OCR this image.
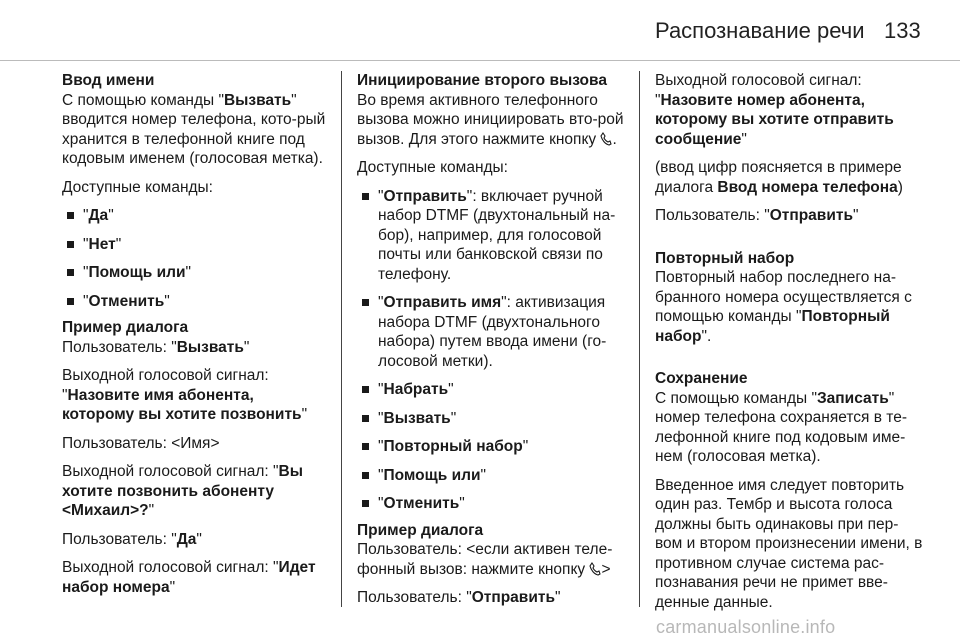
Распознавание речи 133

Ввод имени

С помощью команды "Вызвать" вводится номер телефона, кото-рый хранится в телефонной книге под кодовым именем (голосовая метка).

Доступные команды:

"Да"
"Нет"
"Помощь или"
"Отменить"

Пример диалога

Пользователь: "Вызвать"

Выходной голосовой сигнал: "Назовите имя абонента, которому вы хотите позвонить"

Пользователь: <Имя>

Выходной голосовой сигнал: "Вы хотите позвонить абоненту <Михаил>?"

Пользователь: "Да"

Выходной голосовой сигнал: "Идет набор номера"

Инициирование второго вызова

Во время активного телефонного вызова можно инициировать вто-рой вызов. Для этого нажмите кнопку .

Доступные команды:

"Отправить": включает ручной набор DTMF (двухтональный на-бор), например, для голосовой почты или банковской связи по телефону.
"Отправить имя": активизация набора DTMF (двухтонального набора) путем ввода имени (го-лосовой метки).
"Набрать"
"Вызвать"
"Повторный набор"
"Помощь или"
"Отменить"

Пример диалога

Пользователь: <если активен теле-фонный вызов: нажмите кнопку >

Пользователь: "Отправить"

Выходной голосовой сигнал: "Назовите номер абонента, которому вы хотите отправить сообщение"

(ввод цифр поясняется в примере диалога Ввод номера телефона)

Пользователь: "Отправить"

Повторный набор

Повторный набор последнего на-бранного номера осуществляется с помощью команды "Повторный набор".

Сохранение

С помощью команды "Записать" номер телефона сохраняется в те-лефонной книге под кодовым име-нем (голосовая метка).

Введенное имя следует повторить один раз. Тембр и высота голоса должны быть одинаковы при пер-вом и втором произнесении имени, в противном случае система рас-познавания речи не примет вве-денные данные.

carmanualsonline.info
